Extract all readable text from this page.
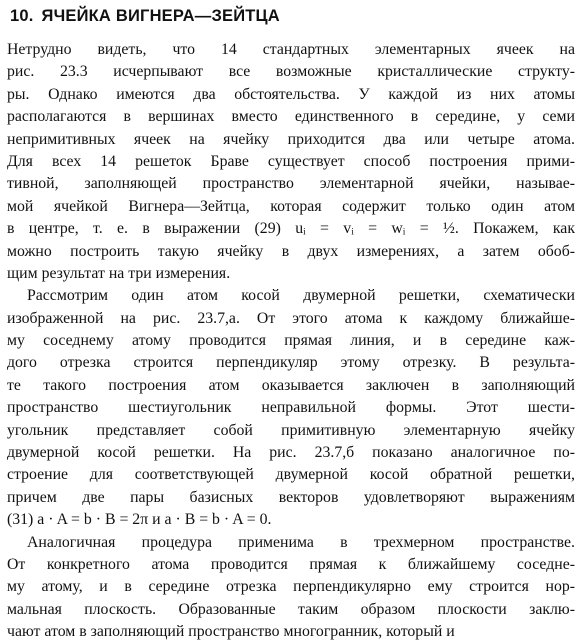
10. ЯЧЕЙКА ВИГНЕРА—ЗЕЙТЦА

Нетрудно видеть, что 14 стандартных элементарных ячеек на
рис. 23.3 исчерпывают все возможные кристаллические структу-
ры. Однако имеются два обстоятельства. У каждой из них атомы
располагаются в вершинах вместо единственного в середине, у семи
непримитивных ячеек на ячейку приходится два или четыре атома.
Для всех 14 решеток Браве существует способ построения прими-
тивной, заполняющей пространство элементарной ячейки, называе-
мой ячейкой Вигнера—Зейтца, которая содержит только один атом
в центре, т. е. в выражении (29) uᵢ = vᵢ = wᵢ = ½. Покажем, как
можно построить такую ячейку в двух измерениях, а затем обоб-
щим результат на три измерения.

Рассмотрим один атом косой двумерной решетки, схематически
изображенной на рис. 23.7,а. От этого атома к каждому ближайше-
му соседнему атому проводится прямая линия, и в середине каж-
дого отрезка строится перпендикуляр этому отрезку. В результа-
те такого построения атом оказывается заключен в заполняющий
пространство шестиугольник неправильной формы. Этот шести-
угольник представляет собой примитивную элементарную ячейку
двумерной косой решетки. На рис. 23.7,б показано аналогичное по-
строение для соответствующей двумерной косой обратной решетки,
причем две пары базисных векторов удовлетворяют выражениям
(31) a · A = b · B = 2π и a · B = b · A = 0.

Аналогичная процедура применима в трехмерном пространстве.
От конкретного атома проводится прямая к ближайшему соседне-
му атому, и в середине отрезка перпендикулярно ему строится нор-
мальная плоскость. Образованные таким образом плоскости заклю-
чают атом в заполняющий пространство многогранник, который и
